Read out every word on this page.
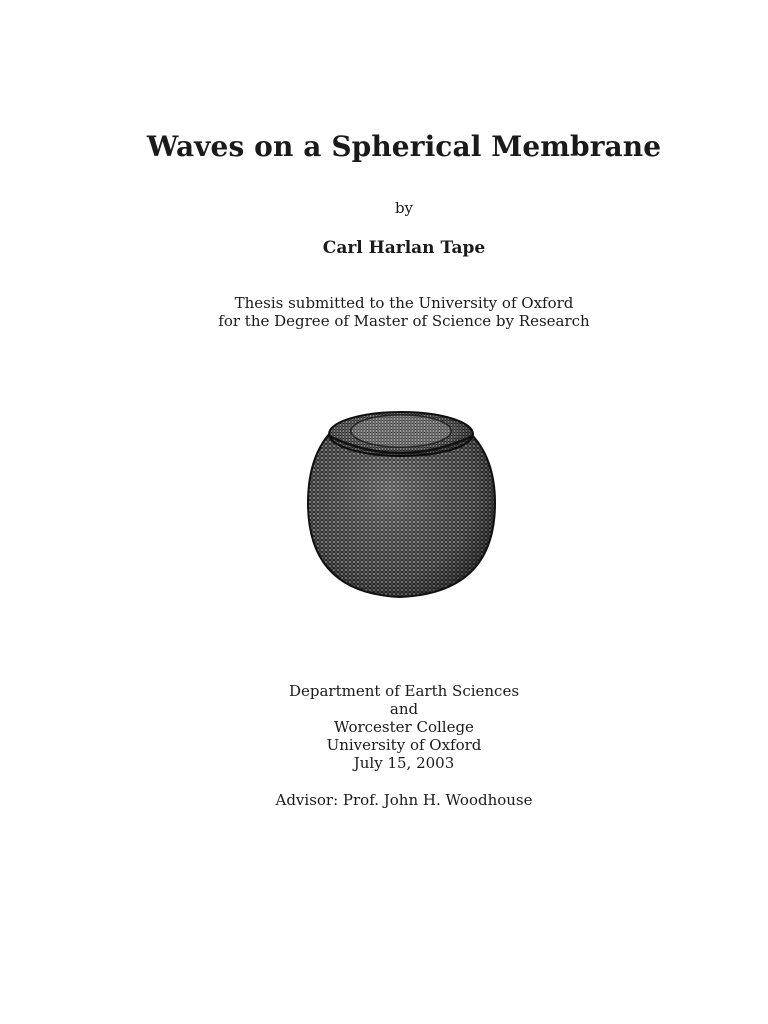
Waves on a Spherical Membrane
by
Carl Harlan Tape
Thesis submitted to the University of Oxford
for the Degree of Master of Science by Research
Department of Earth Sciences
and
Worcester College
University of Oxford
July 15, 2003
Advisor: Prof. John H. Woodhouse
